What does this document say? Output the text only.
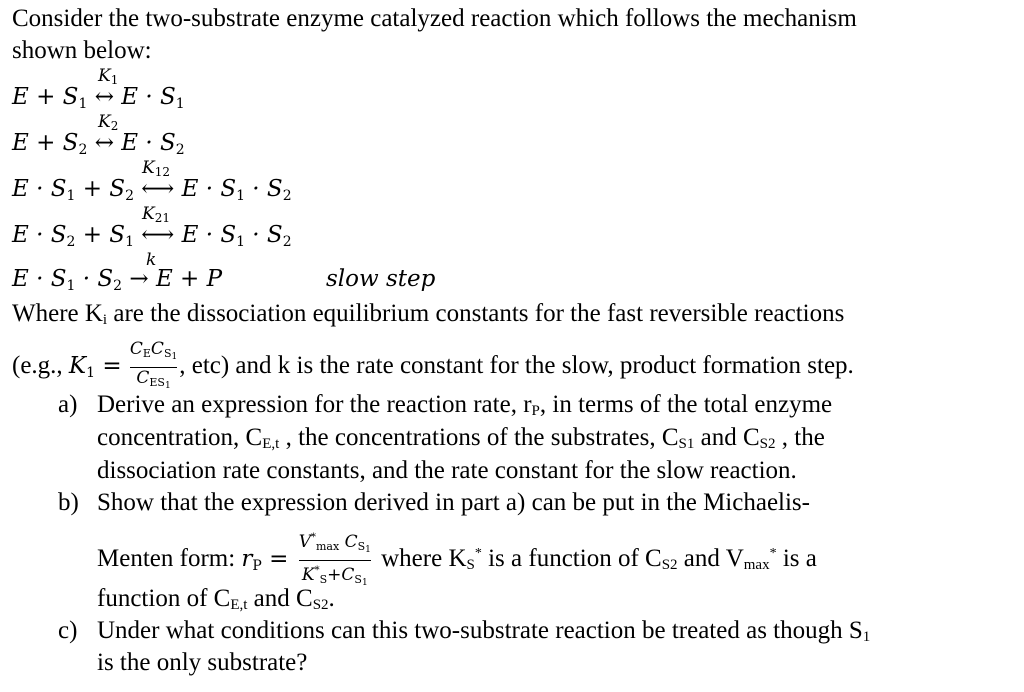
Consider the two-substrate enzyme catalyzed reaction which follows the mechanism
shown below:
K1
E + S1 ↔ E · S1
K2
E + S2 ↔ E · S2
K12
E · S1 + S2 ⟷ E · S1 · S2
K21
E · S2 + S1 ⟷ E · S1 · S2
k
E · S1 · S2 → E + P	slow step
Where $K_i$ are the dissociation equilibrium constants for the fast reversible reactions
(e.g., $K1 = \frac{CECS_1}{CES_1}$ , etc) and k is the rate constant for the slow, product formation step.
a) Derive an expression for the reaction rate, $r_P$, in terms of the total enzyme
concentration, $C_{E,t}$ , the concentrations of the substrates, $C_{S1}$ and $C_{S2}$ , the
dissociation rate constants, and the rate constant for the slow reaction.
b) Show that the expression derived in part a) can be put in the Michaelis-
Menten form: rP = $\frac{V^*\max CS_1}{K^*S+CS_1}$ where $K_S^*$ is a function of $C_{S2}$ and $V_{max}^*$ is a
function of $C_{E,t}$ and $C_{S2}$.
c) Under what conditions can this two-substrate reaction be treated as though $S_1$
is the only substrate?
